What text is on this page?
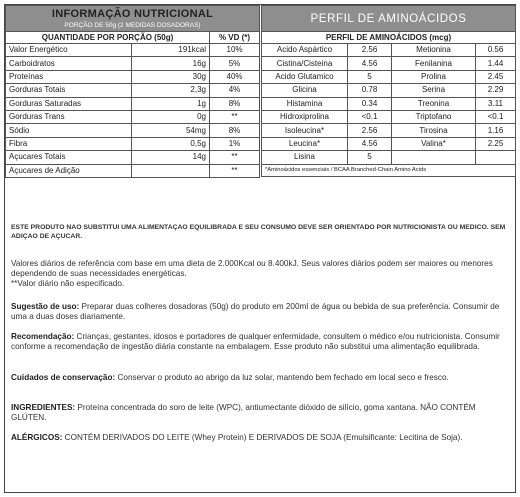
INFORMAÇÃO NUTRICIONAL
PORÇÃO DE 50g (2 MEDIDAS DOSADORAS)		

QUANTIDADE POR PORÇÃO (50g)		% VD (*)
Valor Energético	191kcal	10%
Carboidratos	16g	5%
Proteínas	30g	40%
Gorduras Totais	2,3g	4%
Gorduras Saturadas	1g	8%
Gorduras Trans	0g	**
Sódio	54mg	8%
Fibra	0,5g	1%
Açucares Totais	14g	**
Açucares de Adição		**
PERFIL DE AMINOÁCIDOS			

PERFIL DE AMINOÁCIDOS (mcg)			
Acido Aspártico	2.56	Metionina	0.56
Cistina/Cisteina	4.56	Fenilanina	1.44
Acido Glutamico	5	Prolina	2.45
Glicina	0.78	Serina	2.29
Histamina	0.34	Treonina	3.11
Hidroxiprolina	<0.1	Triptofano	<0.1
Isoleucina*	2.56	Tirosina	1.16
Leucina*	4.56	Valina*	2.25
Lisina	5		
*Aminoácidos essenciais / BCAA Branched-Chain Amino Acids			
ESTE PRODUTO NAO SUBSTITUI UMA ALIMENTAÇAO EQUILIBRADA E SEU CONSUMO DEVE SER ORIENTADO POR NUTRICIONISTA OU MEDICO. SEM ADIÇAO DE AÇUCAR.
Valores diários de referência com base em uma dieta de 2.000Kcal ou 8.400kJ. Seus valores diários podem ser maiores ou menores dependendo de suas necessidades energéticas.
**Valor diário não especificado.
Sugestão de uso: Preparar duas colheres dosadoras (50g) do produto em 200ml de água ou bebida de sua preferência. Consumir de uma a duas doses diariamente.
Recomendação: Crianças, gestantes, idosos e portadores de qualquer enfermidade, consultem o médico e/ou nutricionista. Consumir conforme a recomendação de ingestão diária constante na embalagem. Esse produto não substitui uma alimentação equilibrada.
Cuidados de conservação: Conservar o produto ao abrigo da luz solar, mantendo bem fechado em local seco e fresco.
INGREDIENTES: Proteína concentrada do soro de leite (WPC), antiumectante dióxido de silício, goma xantana. NÃO CONTÉM GLÚTEN.
ALÉRGICOS: CONTÉM DERIVADOS DO LEITE (Whey Protein) E DERIVADOS DE SOJA (Emulsificante: Lecitina de Soja).
